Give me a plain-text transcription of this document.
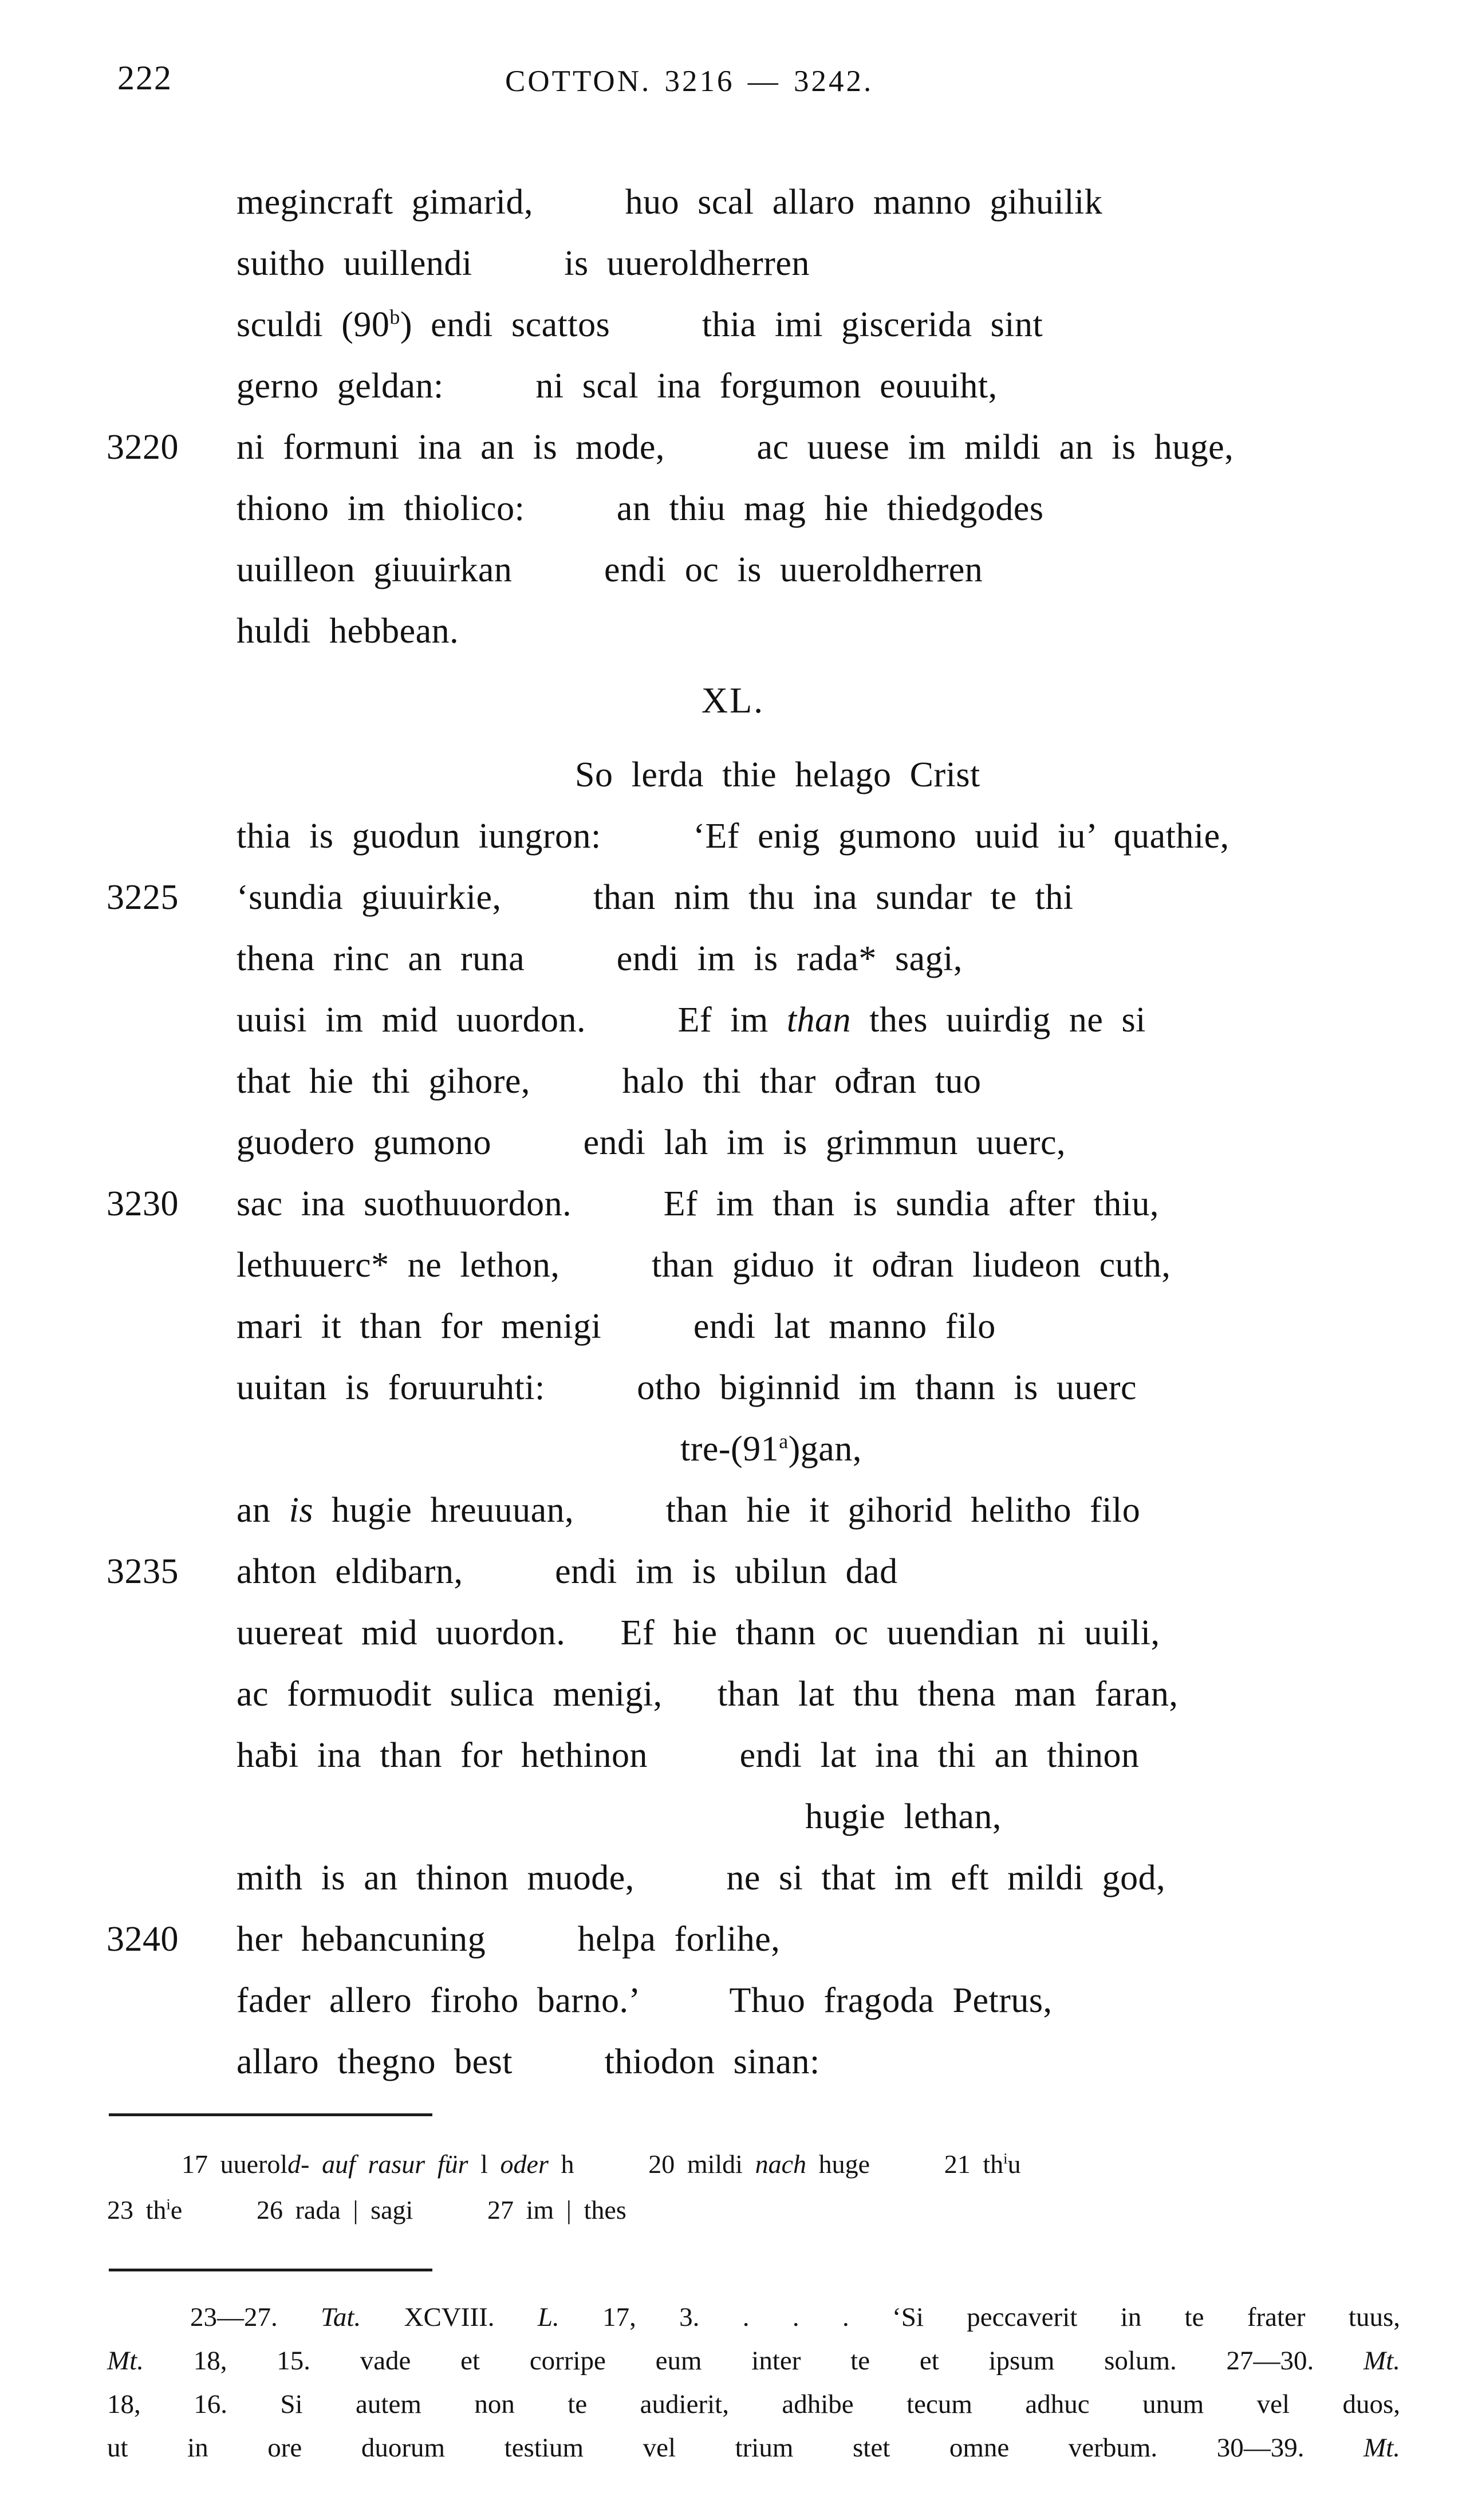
222	COTTON. 3216 — 3242.
megincraft gimarid,     huo scal allaro manno gihuilik
suitho uuillendi     is uueroldherren
sculdi (90$^b$) endi scattos     thia imi giscerida sint
gerno geldan:     ni scal ina forgumon eouuiht,
3220 ni formuni ina an is mode,     ac uuese im mildi an is huge,
thiono im thiolico:     an thiu mag hie thiedgodes
uuilleon giuuirkan     endi oc is uueroldherren
huldi hebbean.
XL.
So lerda thie helago Crist
thia is guodun iungron:     ‘Ef enig gumono uuid iu’ quathie,
3225 ‘sundia giuuirkie,     than nim thu ina sundar te thi
thena rinc an runa     endi im is rada* sagi,
uuisi im mid uuordon.     Ef im than thes uuirdig ne si
that hie thi gihore,     halo thi thar ođran tuo
guodero gumono     endi lah im is grimmun uuerc,
3230 sac ina suothuuordon.     Ef im than is sundia after thiu,
lethuuerc* ne lethon,     than giduo it ođran liudeon cuth,
mari it than for menigi     endi lat manno filo
uuitan is foruuruhti:     otho biginnid im thann is uuerc
tre-(91$^a$)gan,
an is hugie hreuuuan,     than hie it gihorid helitho filo
3235 ahton eldibarn,     endi im is ubilun dad
uuereat mid uuordon.   Ef hie thann oc uuendian ni uuili,
ac formuodit sulica menigi,   than lat thu thena man faran,
haƀi ina than for hethinon     endi lat ina thi an thinon
hugie lethan,
mith is an thinon muode,     ne si that im eft mildi god,
3240 her hebancuning     helpa forlihe,
fader allero firoho barno.’     Thuo fragoda Petrus,
allaro thegno best     thiodon sinan:
17 uuerold- auf rasur für l oder h      20 mildi nach huge      21 $th^iu$
23 $th^ie$      26 rada | sagi      27 im | thes
23—27. Tat. XCVIII. L. 17, 3. . . . ‘Si peccaverit in te frater tuus,
Mt. 18, 15. vade et corripe eum inter te et ipsum solum. 27—30. Mt.
18, 16. Si autem non te audierit, adhibe tecum adhuc unum vel duos,
ut in ore duorum testium vel trium stet omne verbum. 30—39. Mt.
